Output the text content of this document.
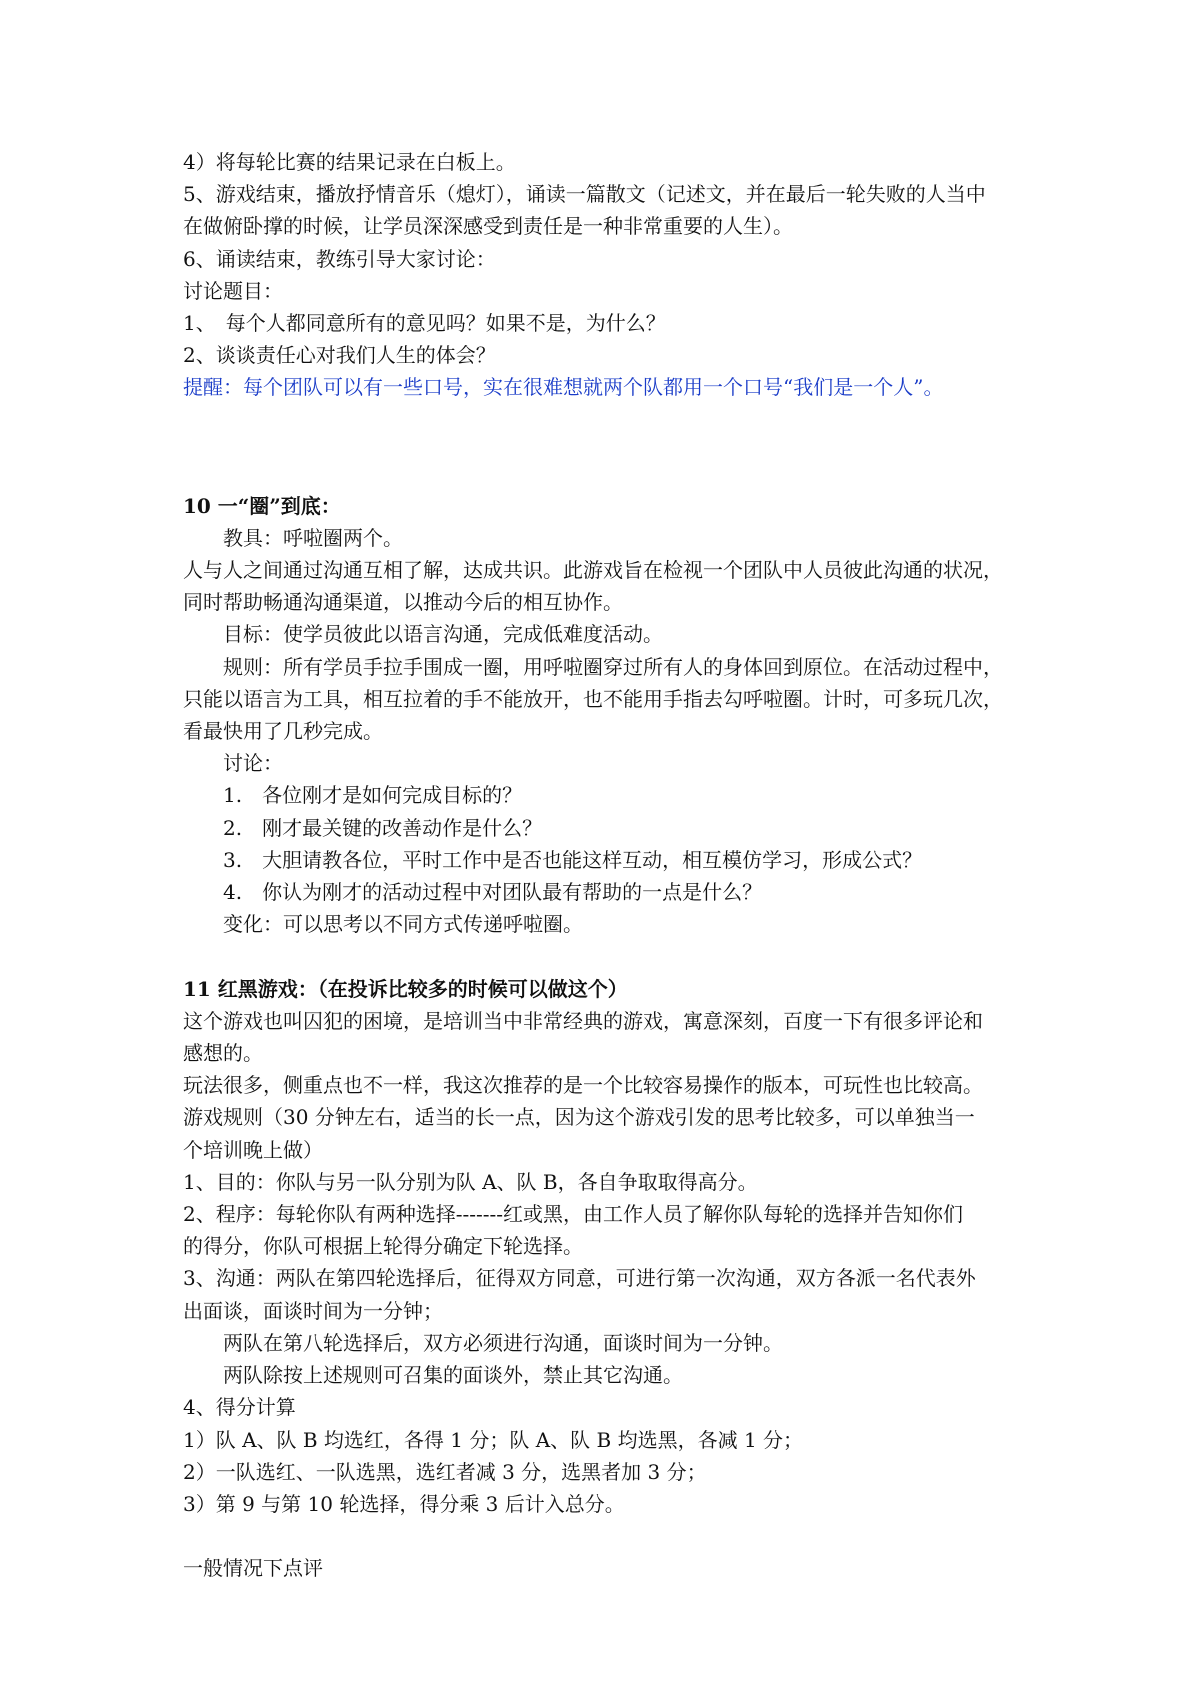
4）将每轮比赛的结果记录在白板上。

5、游戏结束，播放抒情音乐（熄灯），诵读一篇散文（记述文，并在最后一轮失败的人当中

在做俯卧撑的时候，让学员深深感受到责任是一种非常重要的人生）。

6、诵读结束，教练引导大家讨论：

讨论题目：

1、　每个人都同意所有的意见吗？如果不是，为什么？

2、谈谈责任心对我们人生的体会？

提醒：每个团队可以有一些口号，实在很难想就两个队都用一个口号“我们是一个人”。

10 一“圈”到底：

教具：呼啦圈两个。

人与人之间通过沟通互相了解，达成共识。此游戏旨在检视一个团队中人员彼此沟通的状况，

同时帮助畅通沟通渠道，以推动今后的相互协作。

目标：使学员彼此以语言沟通，完成低难度活动。

规则：所有学员手拉手围成一圈，用呼啦圈穿过所有人的身体回到原位。在活动过程中，

只能以语言为工具，相互拉着的手不能放开，也不能用手指去勾呼啦圈。计时，可多玩几次，

看最快用了几秒完成。

讨论：

1.　各位刚才是如何完成目标的？

2.　刚才最关键的改善动作是什么？

3.　大胆请教各位，平时工作中是否也能这样互动，相互模仿学习，形成公式？

4.　你认为刚才的活动过程中对团队最有帮助的一点是什么？

变化：可以思考以不同方式传递呼啦圈。

11 红黑游戏：（在投诉比较多的时候可以做这个）

这个游戏也叫囚犯的困境，是培训当中非常经典的游戏，寓意深刻，百度一下有很多评论和

感想的。

玩法很多，侧重点也不一样，我这次推荐的是一个比较容易操作的版本，可玩性也比较高。

游戏规则（30 分钟左右，适当的长一点，因为这个游戏引发的思考比较多，可以单独当一

个培训晚上做）

1、目的：你队与另一队分别为队 A、队 B，各自争取取得高分。

2、程序：每轮你队有两种选择-------红或黑，由工作人员了解你队每轮的选择并告知你们

的得分，你队可根据上轮得分确定下轮选择。

3、沟通：两队在第四轮选择后，征得双方同意，可进行第一次沟通，双方各派一名代表外

出面谈，面谈时间为一分钟；

两队在第八轮选择后，双方必须进行沟通，面谈时间为一分钟。

两队除按上述规则可召集的面谈外，禁止其它沟通。

4、得分计算

1）队 A、队 B 均选红，各得 1 分；队 A、队 B 均选黑，各减 1 分；

2）一队选红、一队选黑，选红者减 3 分，选黑者加 3 分；

3）第 9 与第 10 轮选择，得分乘 3 后计入总分。

一般情况下点评
